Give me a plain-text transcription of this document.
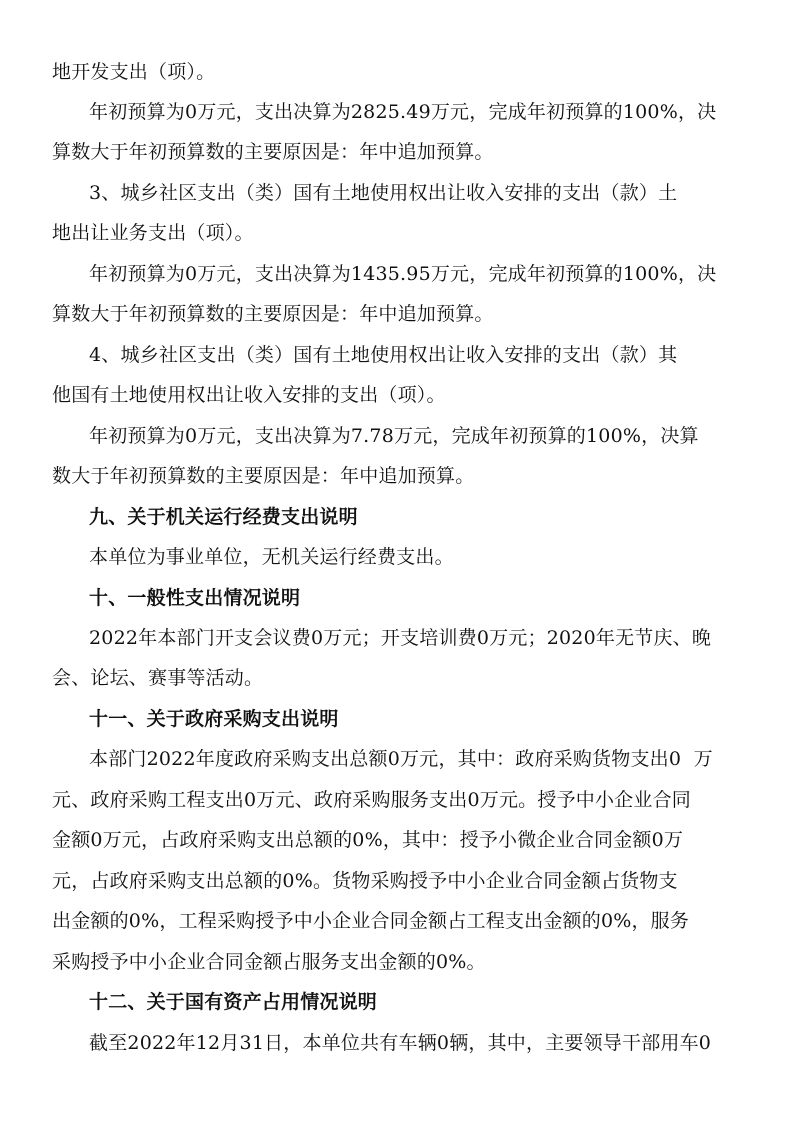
地开发支出（项）。
年初预算为0万元，支出决算为2825.49万元，完成年初预算的100%，决
算数大于年初预算数的主要原因是：年中追加预算。
3、城乡社区支出（类）国有土地使用权出让收入安排的支出（款）土
地出让业务支出（项）。
年初预算为0万元，支出决算为1435.95万元，完成年初预算的100%，决
算数大于年初预算数的主要原因是：年中追加预算。
4、城乡社区支出（类）国有土地使用权出让收入安排的支出（款）其
他国有土地使用权出让收入安排的支出（项）。
年初预算为0万元，支出决算为7.78万元，完成年初预算的100%，决算
数大于年初预算数的主要原因是：年中追加预算。
九、关于机关运行经费支出说明
本单位为事业单位，无机关运行经费支出。
十、一般性支出情况说明
2022年本部门开支会议费0万元；开支培训费0万元；2020年无节庆、晚
会、论坛、赛事等活动。
十一、关于政府采购支出说明
本部门2022年度政府采购支出总额0万元，其中：政府采购货物支出0  万
元、政府采购工程支出0万元、政府采购服务支出0万元。授予中小企业合同
金额0万元，占政府采购支出总额的0%，其中：授予小微企业合同金额0万
元，占政府采购支出总额的0%。货物采购授予中小企业合同金额占货物支
出金额的0%，工程采购授予中小企业合同金额占工程支出金额的0%，服务
采购授予中小企业合同金额占服务支出金额的0%。
十二、关于国有资产占用情况说明
截至2022年12月31日，本单位共有车辆0辆，其中，主要领导干部用车0
